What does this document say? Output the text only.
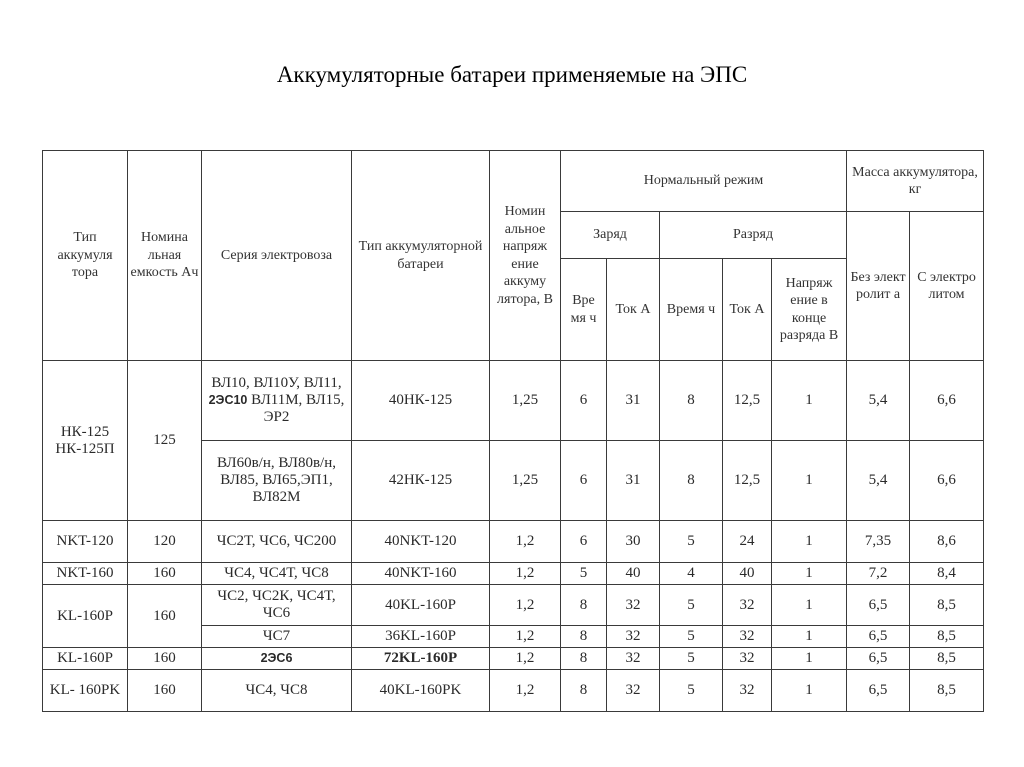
Аккумуляторные батареи применяемые на ЭПС
Тип аккумуля тора	Номина льная емкость Ач	Серия электровоза	Тип аккумуляторной батареи	Номин альное напряж ение аккуму лятора, В	Нормальный режим					Масса аккумулятора, кг	
					Заряд		Разряд			Без элект ролит а	С электро литом
					Вре мя ч	Ток А	Время ч	Ток А	Напряж ение в конце разряда В		
НК-125 НК-125П	125	ВЛ10, ВЛ10У, ВЛ11, 2ЭС10 ВЛ11М, ВЛ15, ЭР2	40НК-125	1,25	6	31	8	12,5	1	5,4	6,6
		ВЛ60в/н, ВЛ80в/н, ВЛ85, ВЛ65,ЭП1, ВЛ82М	42НК-125	1,25	6	31	8	12,5	1	5,4	6,6
NKT-120	120	ЧС2Т, ЧС6, ЧС200	40NKT-120	1,2	6	30	5	24	1	7,35	8,6
NKT-160	160	ЧС4, ЧС4Т, ЧС8	40NKT-160	1,2	5	40	4	40	1	7,2	8,4
KL-160P	160	ЧС2, ЧС2К, ЧС4Т, ЧС6	40KL-160P	1,2	8	32	5	32	1	6,5	8,5
		ЧС7	36KL-160P	1,2	8	32	5	32	1	6,5	8,5
KL-160P	160	2ЭС6	72KL-160P	1,2	8	32	5	32	1	6,5	8,5
KL- 160PK	160	ЧС4, ЧС8	40KL-160PK	1,2	8	32	5	32	1	6,5	8,5
